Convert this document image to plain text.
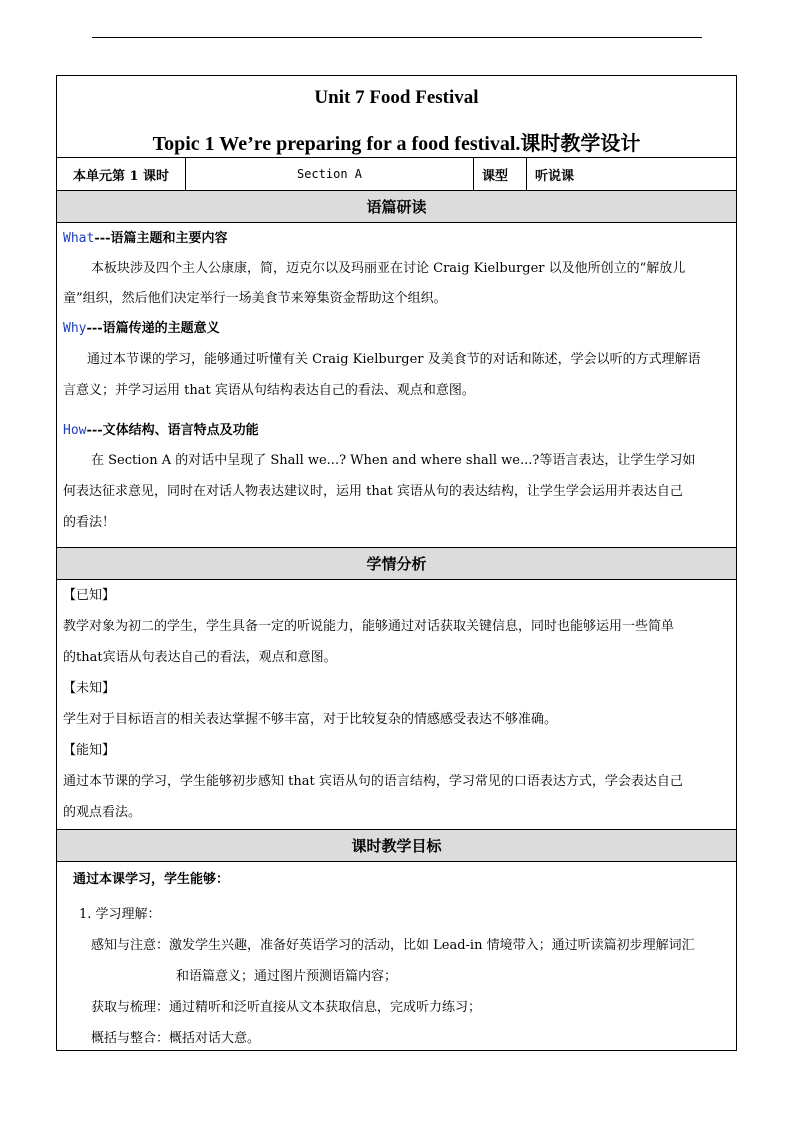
Unit 7 Food Festival
Topic 1 We’re preparing for a food festival.课时教学设计
本单元第 1 课时	Section A	课型	听说课
语篇研读
What---语篇主题和主要内容
本板块涉及四个主人公康康，简，迈克尔以及玛丽亚在讨论 Craig Kielburger 以及他所创立的“解放儿
童”组织，然后他们决定举行一场美食节来筹集资金帮助这个组织。
Why---语篇传递的主题意义
通过本节课的学习，能够通过听懂有关 Craig Kielburger 及美食节的对话和陈述，学会以听的方式理解语
言意义；并学习运用 that 宾语从句结构表达自己的看法、观点和意图。
How---文体结构、语言特点及功能
在 Section A 的对话中呈现了 Shall we...? When and where shall we...?等语言表达，让学生学习如
何表达征求意见，同时在对话人物表达建议时，运用 that 宾语从句的表达结构，让学生学会运用并表达自己
的看法！
学情分析
【已知】
教学对象为初二的学生，学生具备一定的听说能力，能够通过对话获取关键信息，同时也能够运用一些简单
的that宾语从句表达自己的看法，观点和意图。
【未知】
学生对于目标语言的相关表达掌握不够丰富，对于比较复杂的情感感受表达不够准确。
【能知】
通过本节课的学习，学生能够初步感知 that 宾语从句的语言结构，学习常见的口语表达方式，学会表达自己
的观点看法。
课时教学目标
通过本课学习，学生能够：
1. 学习理解：
感知与注意：激发学生兴趣，准备好英语学习的活动，比如 Lead-in 情境带入；通过听读篇初步理解词汇
和语篇意义；通过图片预测语篇内容；
获取与梳理：通过精听和泛听直接从文本获取信息，完成听力练习；
概括与整合：概括对话大意。
